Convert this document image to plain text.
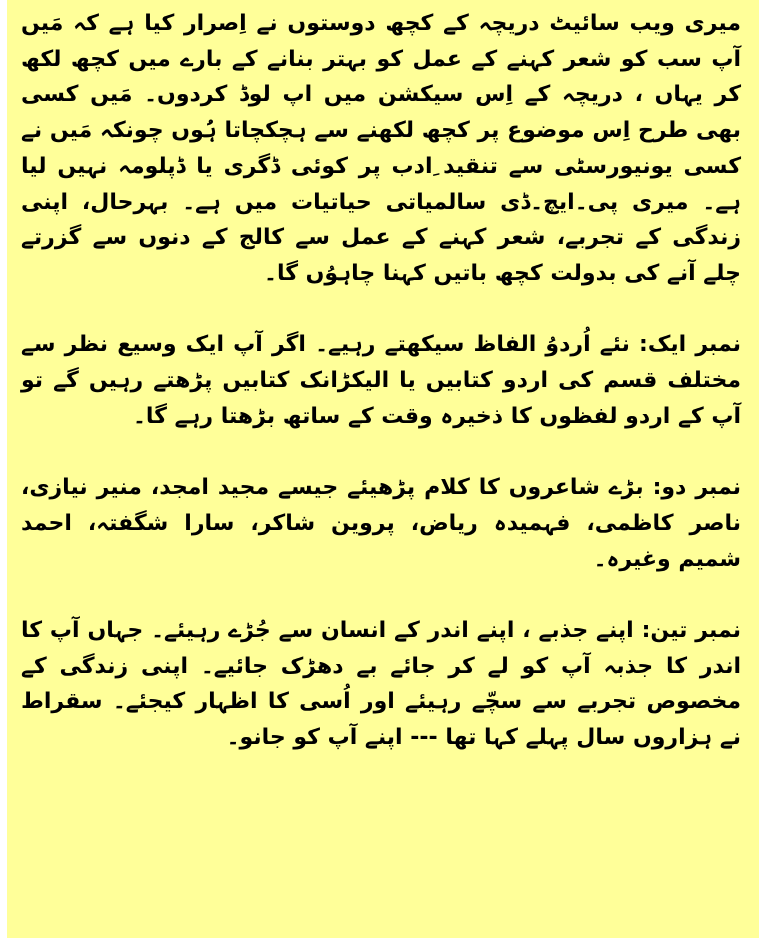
میری ویب سائیٹ دریچہ کے کچھ دوستوں نے اِصرار کیا ہے کہ مَیں آپ سب کو شعر کہنے کے عمل کو بہتر بنانے کے بارے میں کچھ لکھ کر یہاں ، دریچہ کے اِس سیکشن میں اپ لوڈ کردوں۔ مَیں کسی بھی طرح اِس موضوع پر کچھ لکھنے سے ہچکچاتا ہُوں چونکہ مَیں نے کسی یونیورسٹی سے تنقید ِادب پر کوئی ڈگری یا ڈپلومہ نہیں لیا ہے۔ میری پی۔ایچ۔ڈی سالمیاتی حیاتیات میں ہے۔ بہرحال، اپنی زندگی کے تجربے، شعر کہنے کے عمل سے کالج کے دنوں سے گزرتے چلے آنے کی بدولت کچھ باتیں کہنا چاہوُں گا۔

نمبر ایک: نئے اُردوُ الفاظ سیکھتے رہیے۔ اگر آپ ایک وسیع نظر سے مختلف قسم کی اردو کتابیں یا الیکڑانک کتابیں پڑھتے رہیں گے تو آپ کے اردو لفظوں کا ذخیرہ وقت کے ساتھ بڑھتا رہے گا۔

نمبر دو: بڑے شاعروں کا کلام پڑھیئے جیسے مجید امجد، منیر نیازی، ناصر کاظمی، فہمیدہ ریاض، پروین شاکر، سارا شگفتہ، احمد شمیم وغیرہ۔

نمبر تین: اپنے جذبے ، اپنے اندر کے انسان سے جُڑے رہیئے۔ جہاں آپ کا اندر کا جذبہ آپ کو لے کر جائے بے دھڑک جائیے۔ اپنی زندگی کے مخصوص تجربے سے سچّے رہیئے اور اُسی کا اظہار کیجئے۔ سقراط نے ہزاروں سال پہلے کہا تھا --- اپنے آپ کو جانو۔
